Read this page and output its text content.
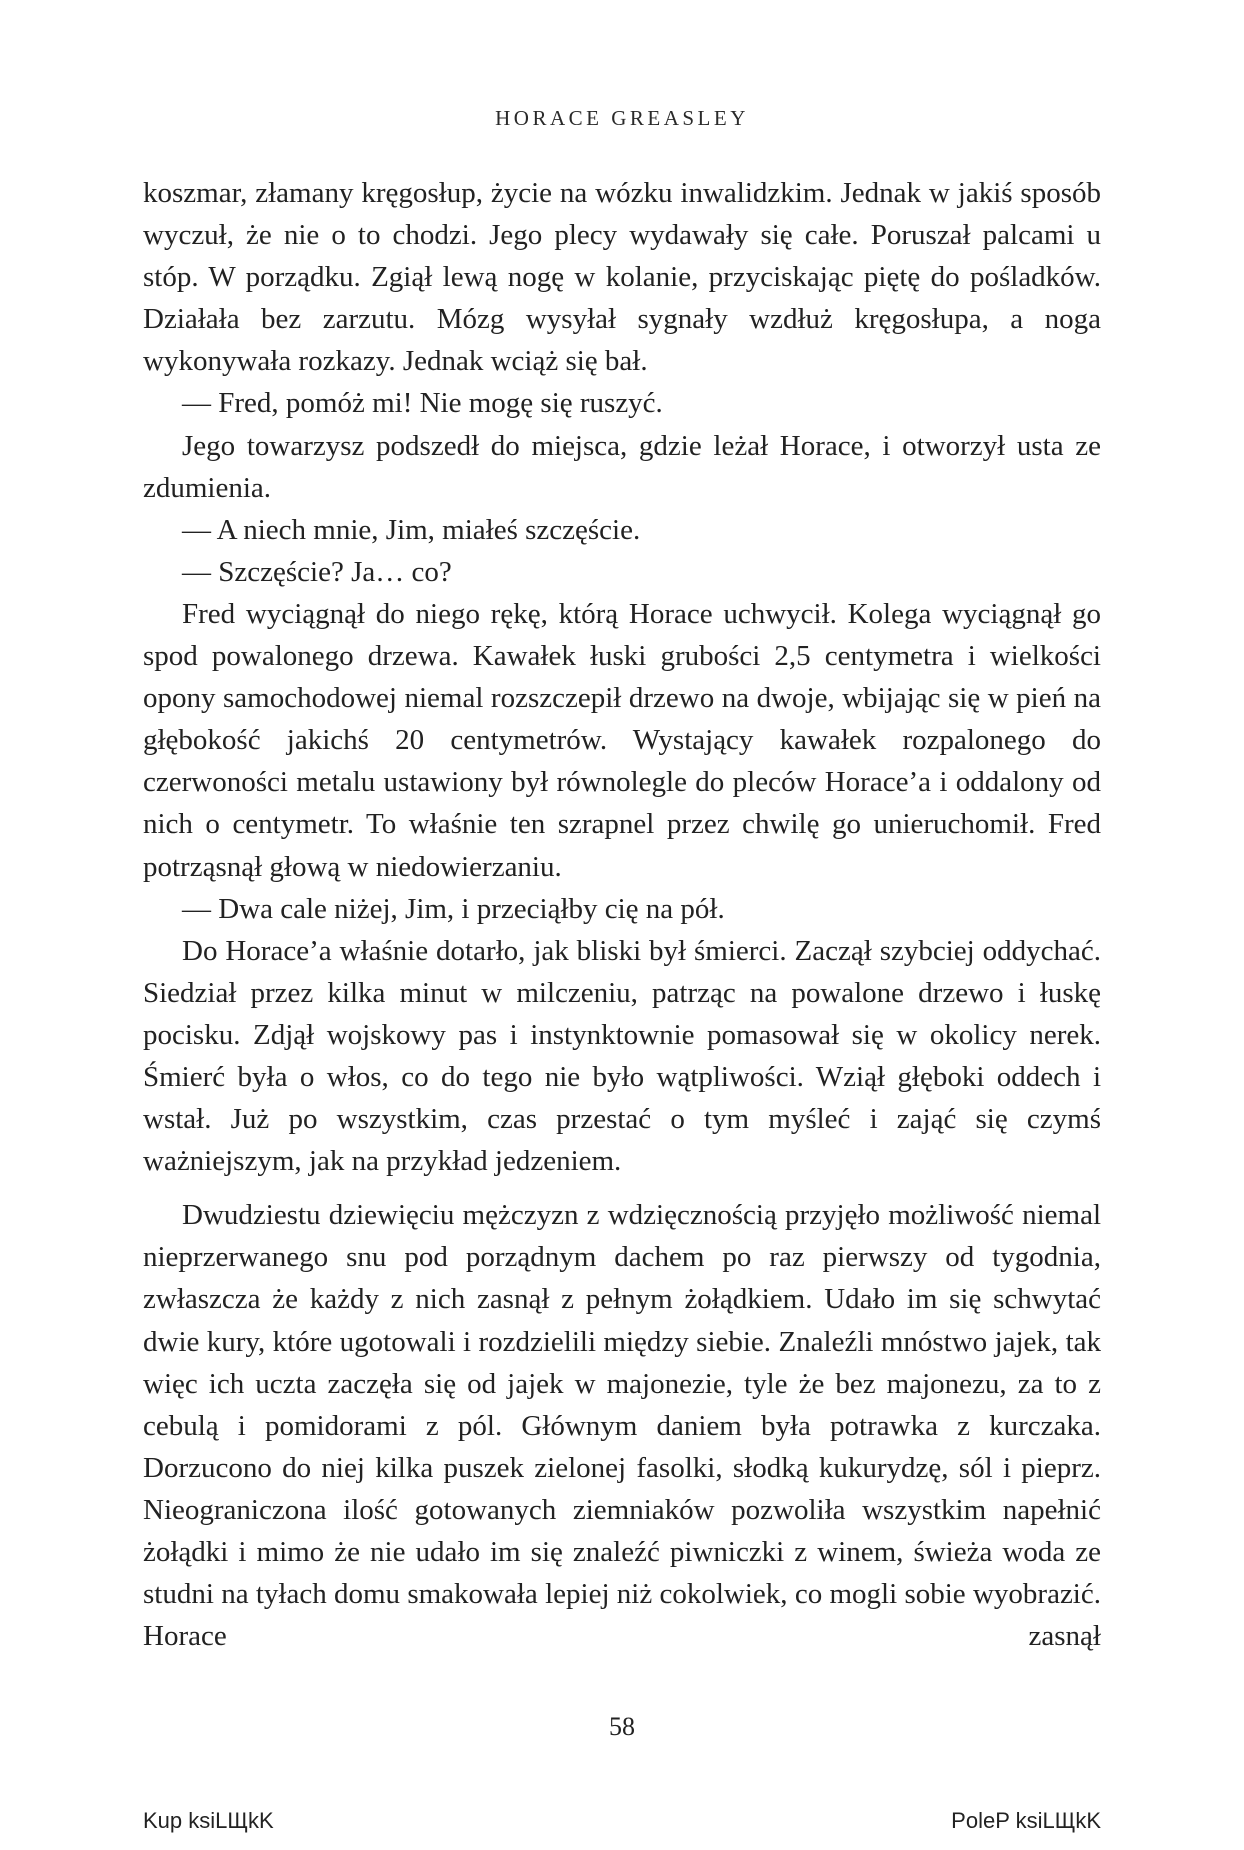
HORACE GREASLEY

koszmar, złamany kręgosłup, życie na wózku inwalidzkim. Jednak w jakiś sposób wyczuł, że nie o to chodzi. Jego plecy wydawały się całe. Poruszał palcami u stóp. W porządku. Zgiął lewą nogę w kolanie, przyciskając piętę do pośladków. Działała bez zarzutu. Mózg wysyłał sygnały wzdłuż kręgosłupa, a noga wykonywała rozkazy. Jednak wciąż się bał.

— Fred, pomóż mi! Nie mogę się ruszyć.

Jego towarzysz podszedł do miejsca, gdzie leżał Horace, i otworzył usta ze zdumienia.

— A niech mnie, Jim, miałeś szczęście.

— Szczęście? Ja… co?

Fred wyciągnął do niego rękę, którą Horace uchwycił. Kolega wyciągnął go spod powalonego drzewa. Kawałek łuski grubości 2,5 centymetra i wielkości opony samochodowej niemal rozszczepił drzewo na dwoje, wbijając się w pień na głębokość jakichś 20 centymetrów. Wystający kawałek rozpalonego do czerwoności metalu ustawiony był równolegle do pleców Horace’a i oddalony od nich o centymetr. To właśnie ten szrapnel przez chwilę go unieruchomił. Fred potrząsnął głową w niedowierzaniu.

— Dwa cale niżej, Jim, i przeciąłby cię na pół.

Do Horace’a właśnie dotarło, jak bliski był śmierci. Zaczął szybciej oddychać. Siedział przez kilka minut w milczeniu, patrząc na powalone drzewo i łuskę pocisku. Zdjął wojskowy pas i instynktownie pomasował się w okolicy nerek. Śmierć była o włos, co do tego nie było wątpliwości. Wziął głęboki oddech i wstał. Już po wszystkim, czas przestać o tym myśleć i zająć się czymś ważniejszym, jak na przykład jedzeniem.

Dwudziestu dziewięciu mężczyzn z wdzięcznością przyjęło możliwość niemal nieprzerwanego snu pod porządnym dachem po raz pierwszy od tygodnia, zwłaszcza że każdy z nich zasnął z pełnym żołądkiem. Udało im się schwytać dwie kury, które ugotowali i rozdzielili między siebie. Znaleźli mnóstwo jajek, tak więc ich uczta zaczęła się od jajek w majonezie, tyle że bez majonezu, za to z cebulą i pomidorami z pól. Głównym daniem była potrawka z kurczaka. Dorzucono do niej kilka puszek zielonej fasolki, słodką kukurydzę, sól i pieprz. Nieograniczona ilość gotowanych ziemniaków pozwoliła wszystkim napełnić żołądki i mimo że nie udało im się znaleźć piwniczki z winem, świeża woda ze studni na tyłach domu smakowała lepiej niż cokolwiek, co mogli sobie wyobrazić. Horace zasnął

58
Kup ksiLЩkK	PoleP ksiLЩkK
